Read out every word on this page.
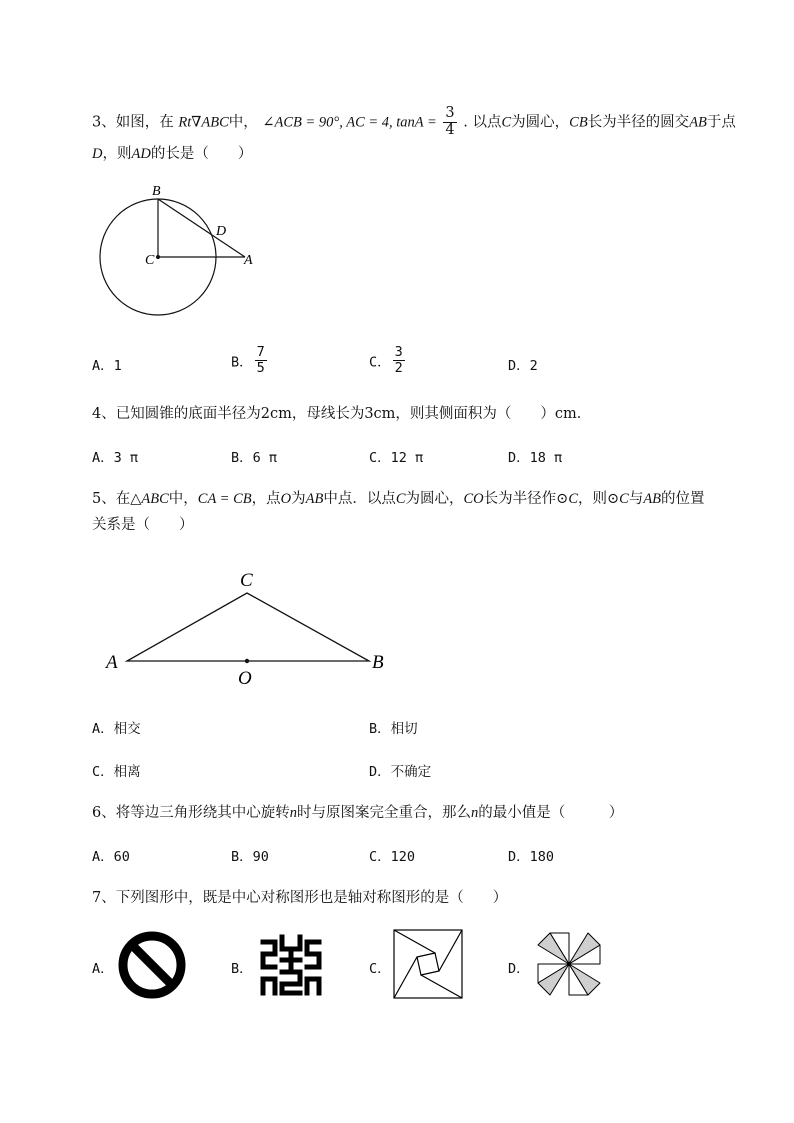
3、如图，在 Rt∇ABC中， ∠ACB = 90°, AC = 4, $\tan A = \frac{3}{4}$ . 以点C为圆心，CB长为半径的圆交AB于点
D，则AD的长是（　　）
B
C
D
A
A．1	B． $\frac{7}{5}$	C． $\frac{3}{2}$	D．2
4、已知圆锥的底面半径为2cm，母线长为3cm，则其侧面积为（　　）cm．
A．3 π	B．6 π	C．12 π	D．18 π
5、在△ABC中，CA = CB，点O为AB中点．以点C为圆心，CO长为半径作⊙C，则⊙C与AB的位置
关系是（　　）
C
A	B
O
A．相交	B．相切
C．相离	D．不确定
6、将等边三角形绕其中心旋转n时与原图案完全重合，那么n的最小值是（　　　）
A．60	B．90	C．120	D．180
7、下列图形中，既是中心对称图形也是轴对称图形的是（　　）
A．	B．	C．	D．
